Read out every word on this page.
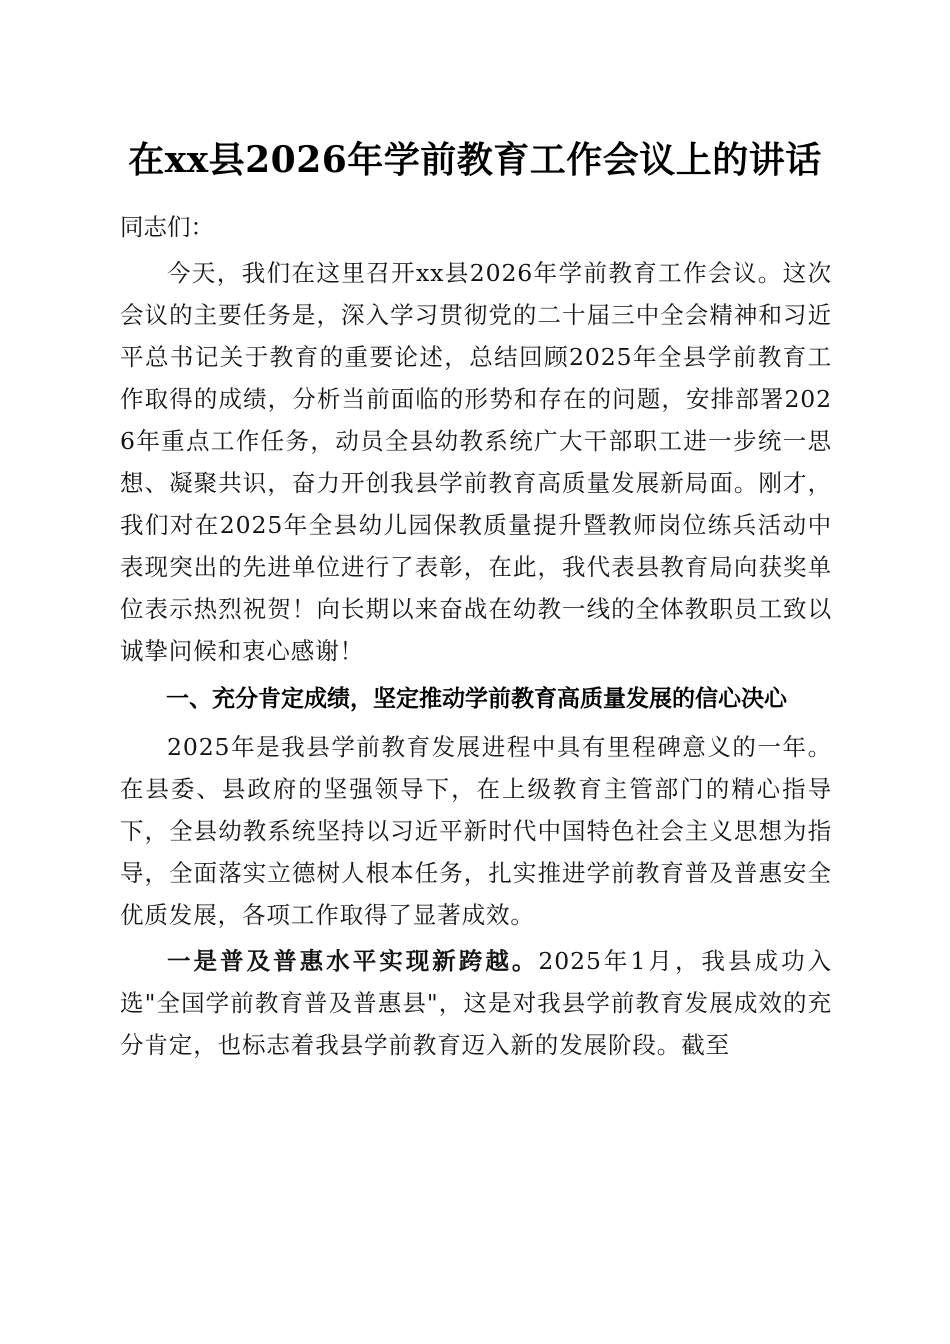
在xx县2026年学前教育工作会议上的讲话

同志们：

今天，我们在这里召开xx县2026年学前教育工作会议。这次会议的主要任务是，深入学习贯彻党的二十届三中全会精神和习近平总书记关于教育的重要论述，总结回顾2025年全县学前教育工作取得的成绩，分析当前面临的形势和存在的问题，安排部署2026年重点工作任务，动员全县幼教系统广大干部职工进一步统一思想、凝聚共识，奋力开创我县学前教育高质量发展新局面。刚才，我们对在2025年全县幼儿园保教质量提升暨教师岗位练兵活动中表现突出的先进单位进行了表彰，在此，我代表县教育局向获奖单位表示热烈祝贺！向长期以来奋战在幼教一线的全体教职员工致以诚挚问候和衷心感谢！

一、充分肯定成绩，坚定推动学前教育高质量发展的信心决心

2025年是我县学前教育发展进程中具有里程碑意义的一年。在县委、县政府的坚强领导下，在上级教育主管部门的精心指导下，全县幼教系统坚持以习近平新时代中国特色社会主义思想为指导，全面落实立德树人根本任务，扎实推进学前教育普及普惠安全优质发展，各项工作取得了显著成效。

一是普及普惠水平实现新跨越。2025年1月，我县成功入选"全国学前教育普及普惠县"，这是对我县学前教育发展成效的充分肯定，也标志着我县学前教育迈入新的发展阶段。截至
